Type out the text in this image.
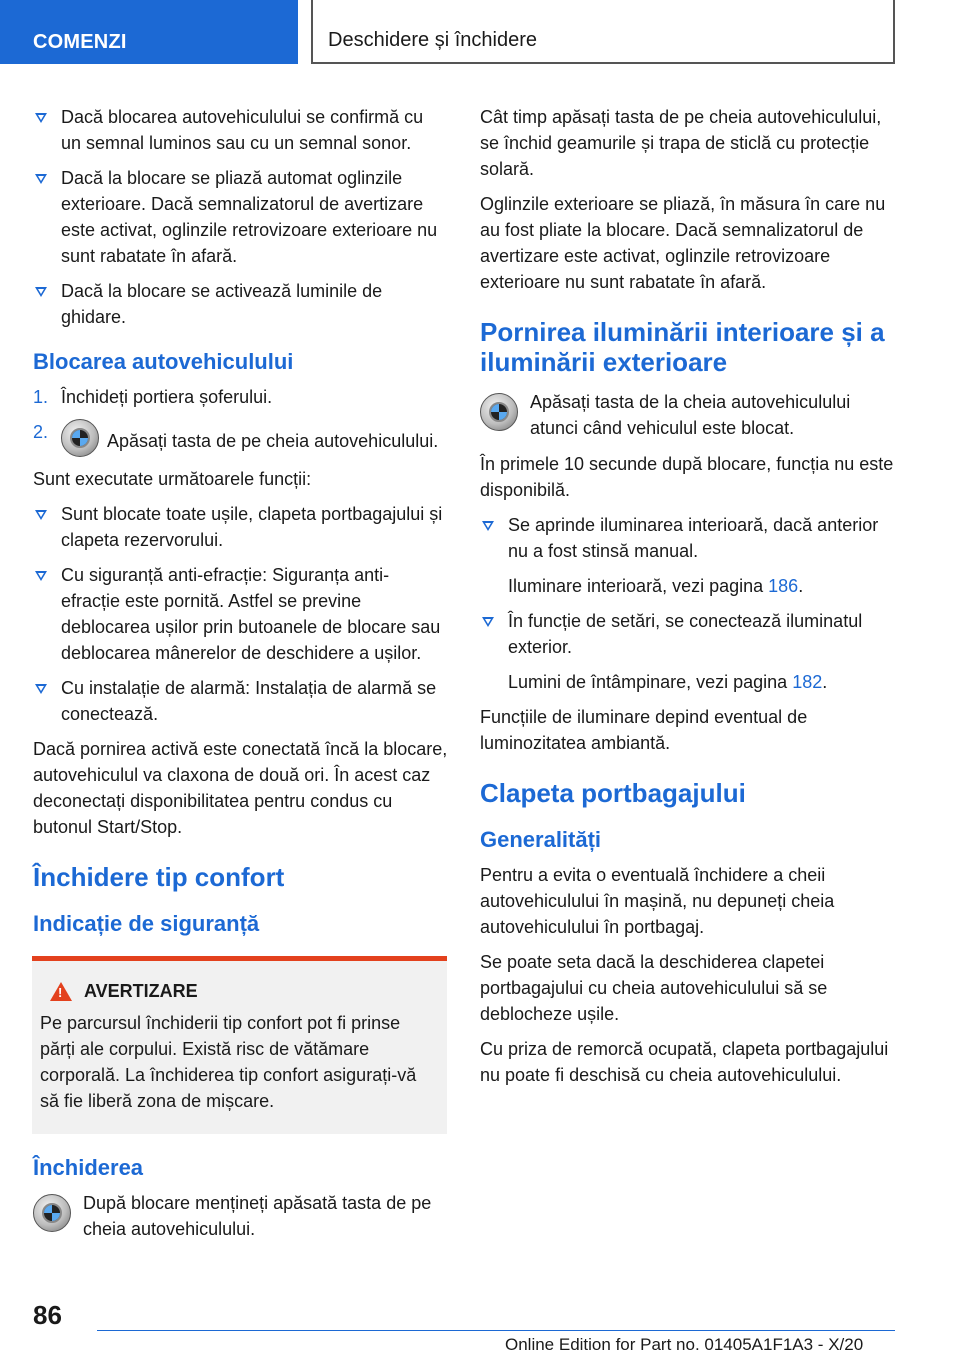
COMENZI	Deschidere și închidere
Dacă blocarea autovehiculului se confirmă cu un semnal luminos sau cu un semnal sonor.
Dacă la blocare se pliază automat oglinzile exterioare. Dacă semnalizatorul de avertizare este activat, oglinzile retrovizoare exterioare nu sunt rabatate în afară.
Dacă la blocare se activează luminile de ghidare.
Blocarea autovehiculului
1. Închideți portiera șoferului.
2.	Apăsați tasta de pe cheia autovehiculului.

Sunt executate următoarele funcții:

Sunt blocate toate ușile, clapeta portbagajului și clapeta rezervorului.
Cu siguranță anti-efracție: Siguranța anti-efracție este pornită. Astfel se previne deblocarea ușilor prin butoanele de blocare sau deblocarea mânerelor de deschidere a ușilor.
Cu instalație de alarmă: Instalația de alarmă se conectează.

Dacă pornirea activă este conectată încă la blocare, autovehiculul va claxona de două ori. În acest caz deconectați disponibilitatea pentru condus cu butonul Start/Stop.

Închidere tip confort
Indicație de siguranță
!
AVERTIZARE

Pe parcursul închiderii tip confort pot fi prinse părți ale corpului. Există risc de vătămare corporală. La închiderea tip confort asigurați-vă să fie liberă zona de mișcare.

Închiderea
După blocare mențineți apăsată tasta de pe cheia autovehiculului.

Cât timp apăsați tasta de pe cheia autovehiculului, se închid geamurile și trapa de sticlă cu protecție solară.

Oglinzile exterioare se pliază, în măsura în care nu au fost pliate la blocare. Dacă semnalizatorul de avertizare este activat, oglinzile retrovizoare exterioare nu sunt rabatate în afară.

Pornirea iluminării interioare și a iluminării exterioare
Apăsați tasta de la cheia autovehiculului atunci când vehiculul este blocat.

În primele 10 secunde după blocare, funcția nu este disponibilă.

Se aprinde iluminarea interioară, dacă anterior nu a fost stinsă manual.

Iluminare interioară, vezi pagina 186.

În funcție de setări, se conectează iluminatul exterior.

Lumini de întâmpinare, vezi pagina 182.

Funcțiile de iluminare depind eventual de luminozitatea ambiantă.

Clapeta portbagajului
Generalități

Pentru a evita o eventuală închidere a cheii autovehiculului în mașină, nu depuneți cheia autovehiculului în portbagaj.

Se poate seta dacă la deschiderea clapetei portbagajului cu cheia autovehiculului să se deblocheze ușile.

Cu priza de remorcă ocupată, clapeta portbagajului nu poate fi deschisă cu cheia autovehiculului.

86
Online Edition for Part no. 01405A1F1A3 - X/20
